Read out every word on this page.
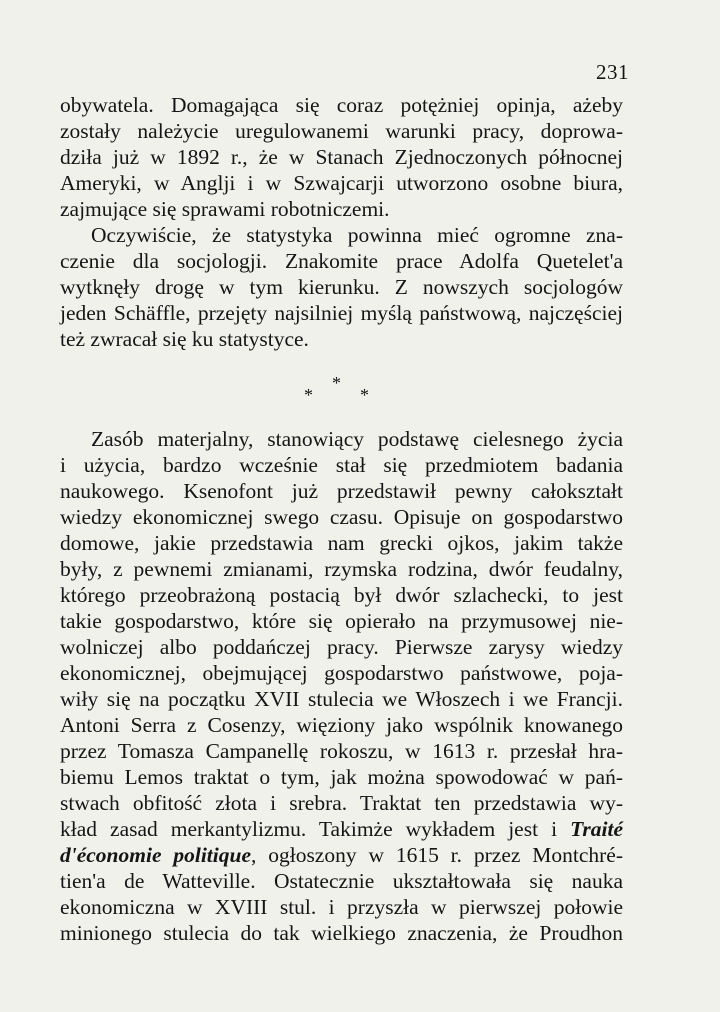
231
obywatela. Domagająca się coraz potężniej opinja, ażeby
zostały należycie uregulowanemi warunki pracy, doprowa-
dziła już w 1892 r., że w Stanach Zjednoczonych północnej
Ameryki, w Anglji i w Szwajcarji utworzono osobne biura,
zajmujące się sprawami robotniczemi.
Oczywiście, że statystyka powinna mieć ogromne zna-
czenie dla socjologji. Znakomite prace Adolfa Quetelet'a
wytknęły drogę w tym kierunku. Z nowszych socjologów
jeden Schäffle, przejęty najsilniej myślą państwową, najczęściej
też zwracał się ku statystyce.
*
*	*
Zasób materjalny, stanowiący podstawę cielesnego życia
i użycia, bardzo wcześnie stał się przedmiotem badania
naukowego. Ksenofont już przedstawił pewny całokształt
wiedzy ekonomicznej swego czasu. Opisuje on gospodarstwo
domowe, jakie przedstawia nam grecki ojkos, jakim także
były, z pewnemi zmianami, rzymska rodzina, dwór feudalny,
którego przeobrażoną postacią był dwór szlachecki, to jest
takie gospodarstwo, które się opierało na przymusowej nie-
wolniczej albo poddańczej pracy. Pierwsze zarysy wiedzy
ekonomicznej, obejmującej gospodarstwo państwowe, poja-
wiły się na początku XVII stulecia we Włoszech i we Francji.
Antoni Serra z Cosenzy, więziony jako wspólnik knowanego
przez Tomasza Campanellę rokoszu, w 1613 r. przesłał hra-
biemu Lemos traktat o tym, jak można spowodować w pań-
stwach obfitość złota i srebra. Traktat ten przedstawia wy-
kład zasad merkantylizmu. Takimże wykładem jest i Traité
d'économie politique, ogłoszony w 1615 r. przez Montchré-
tien'a de Watteville. Ostatecznie ukształtowała się nauka
ekonomiczna w XVIII stul. i przyszła w pierwszej połowie
minionego stulecia do tak wielkiego znaczenia, że Proudhon
